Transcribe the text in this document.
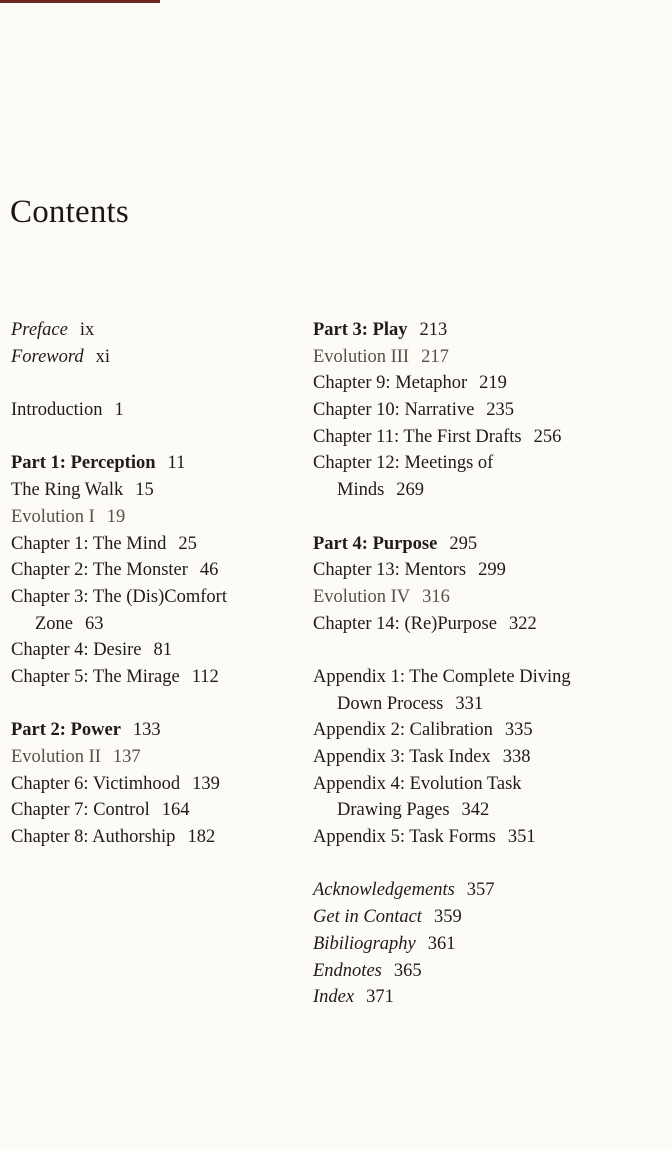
Contents
Preface ix
Foreword xi
Introduction 1
Part 1: Perception 11
The Ring Walk 15
Evolution I 19
Chapter 1: The Mind 25
Chapter 2: The Monster 46
Chapter 3: The (Dis)Comfort
Zone 63
Chapter 4: Desire 81
Chapter 5: The Mirage 112
Part 2: Power 133
Evolution II 137
Chapter 6: Victimhood 139
Chapter 7: Control 164
Chapter 8: Authorship 182
Part 3: Play 213
Evolution III 217
Chapter 9: Metaphor 219
Chapter 10: Narrative 235
Chapter 11: The First Drafts 256
Chapter 12: Meetings of
Minds 269
Part 4: Purpose 295
Chapter 13: Mentors 299
Evolution IV 316
Chapter 14: (Re)Purpose 322
Appendix 1: The Complete Diving
Down Process 331
Appendix 2: Calibration 335
Appendix 3: Task Index 338
Appendix 4: Evolution Task
Drawing Pages 342
Appendix 5: Task Forms 351
Acknowledgements 357
Get in Contact 359
Bibiliography 361
Endnotes 365
Index 371
